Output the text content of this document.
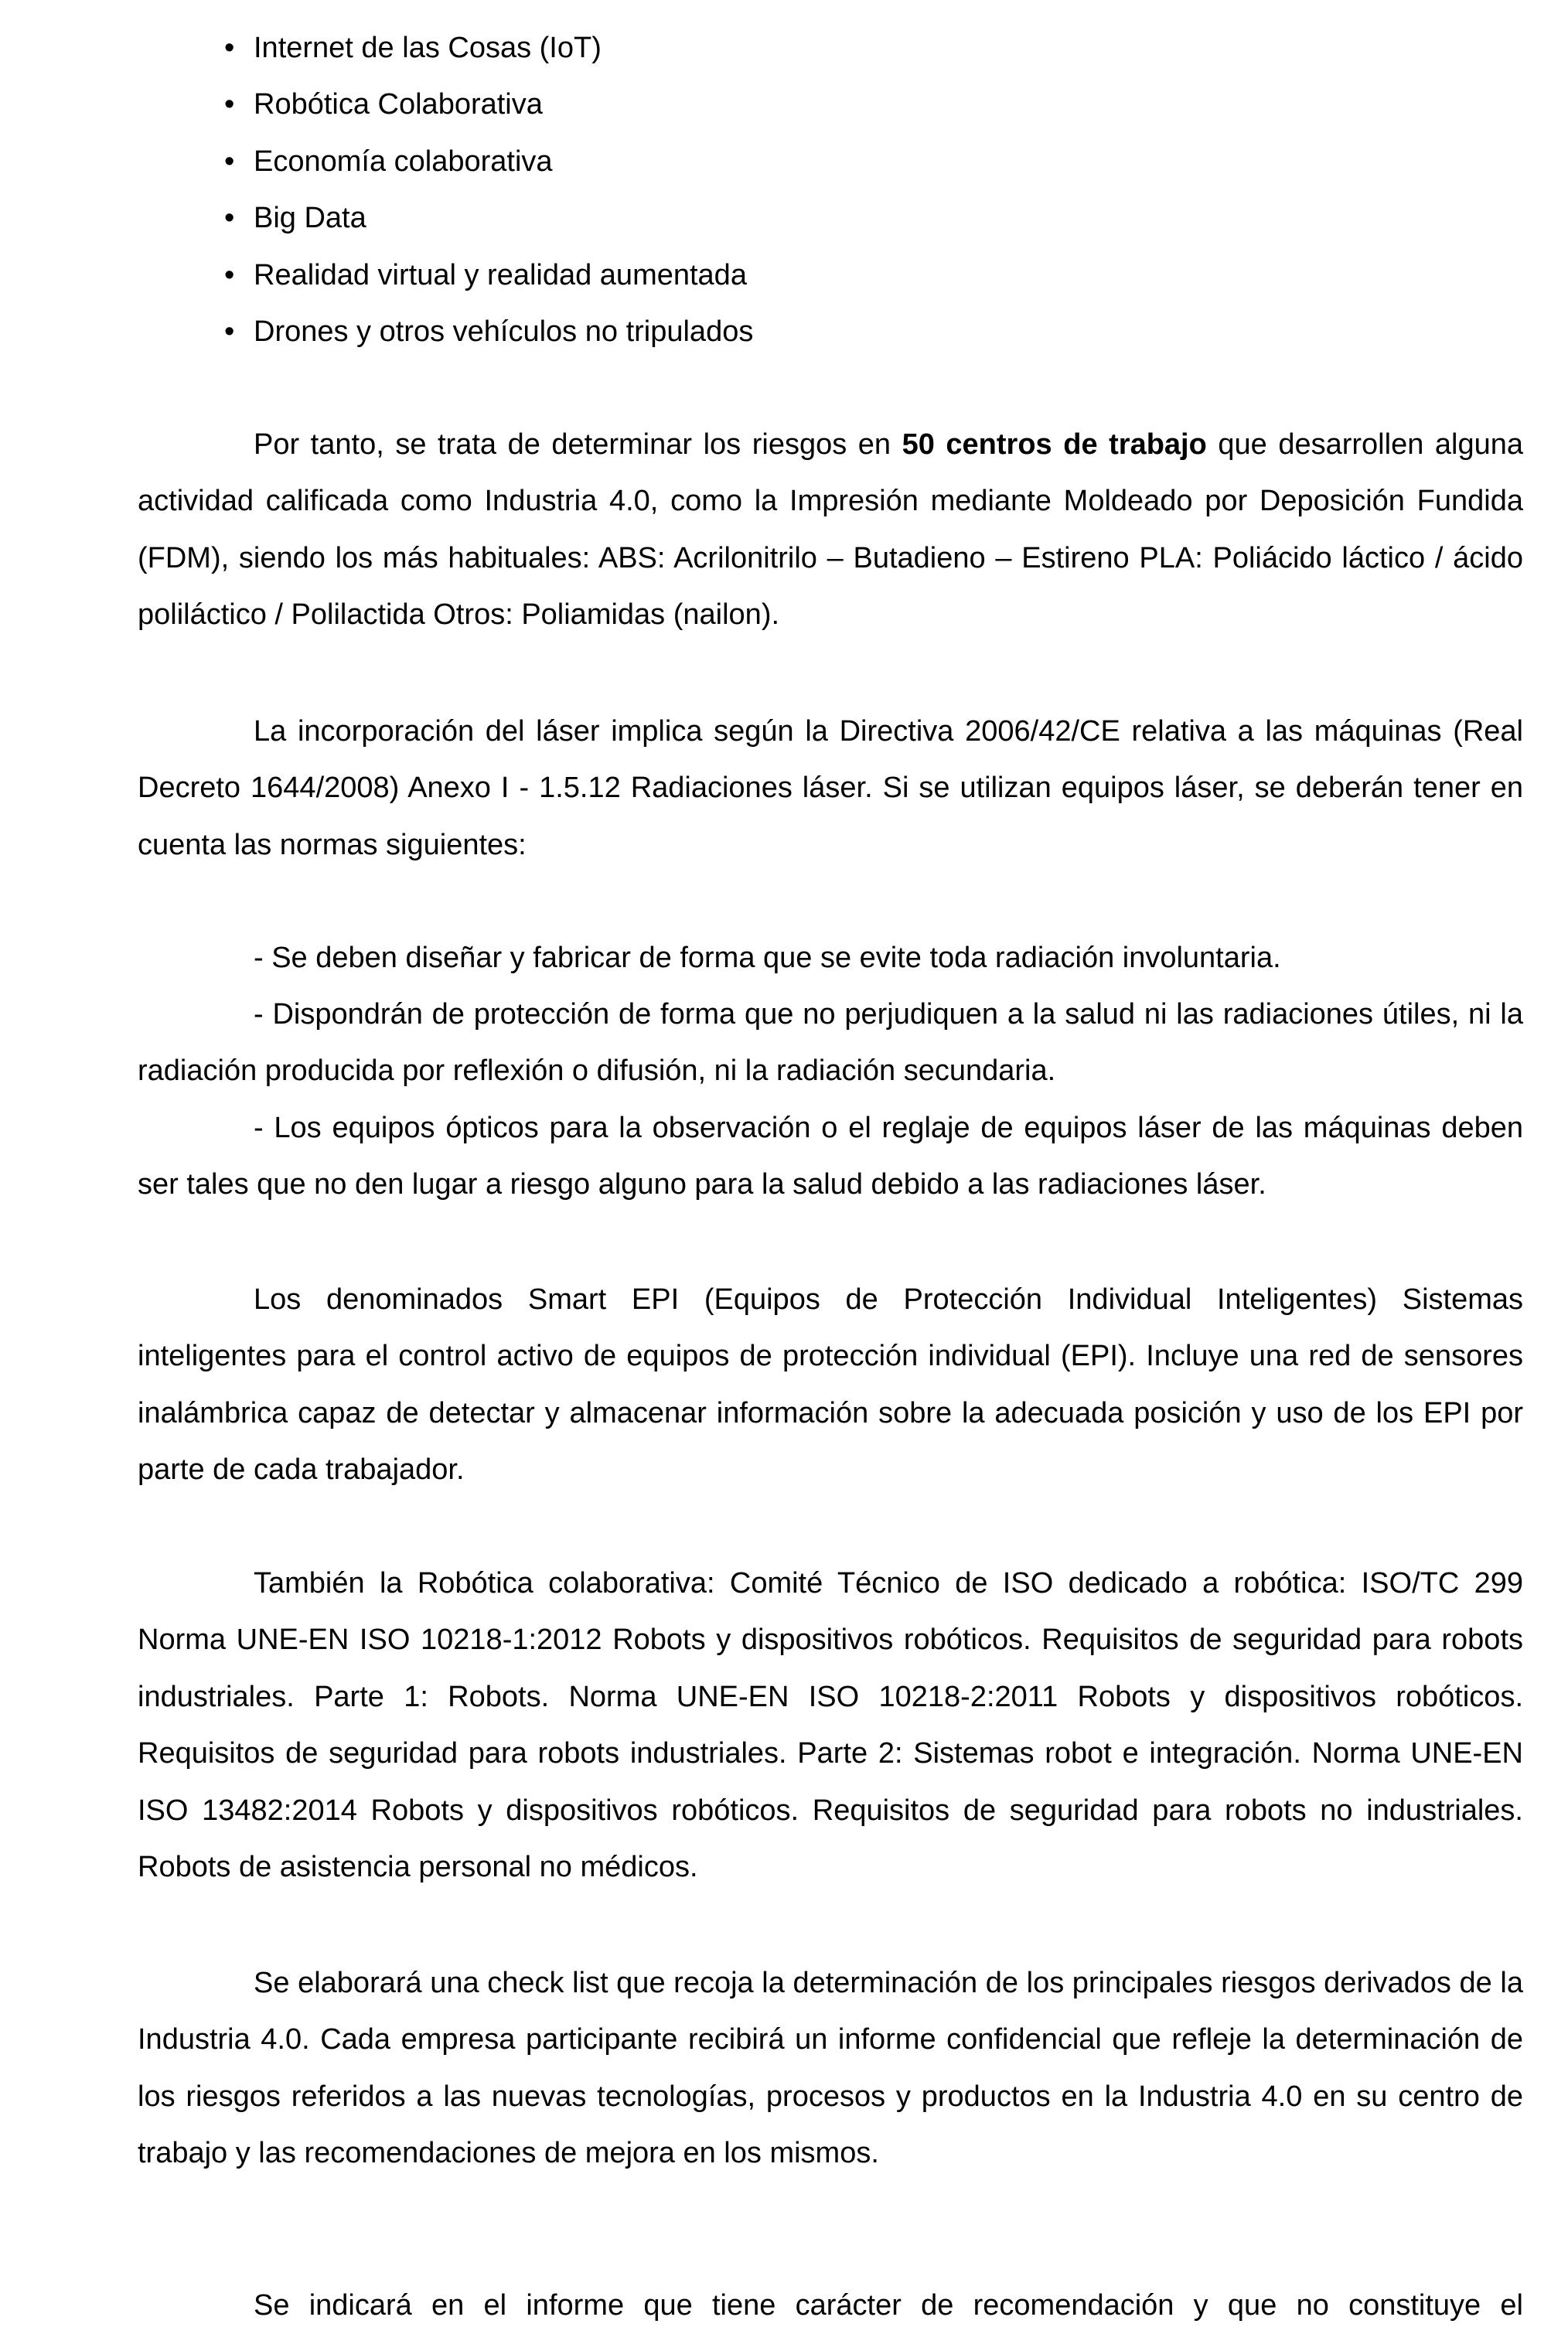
• Internet de las Cosas (IoT)
• Robótica Colaborativa
• Economía colaborativa
• Big Data
• Realidad virtual y realidad aumentada
• Drones y otros vehículos no tripulados

Por tanto, se trata de determinar los riesgos en 50 centros de trabajo que desarrollen alguna actividad calificada como Industria 4.0, como la Impresión mediante Moldeado por Deposición Fundida (FDM), siendo los más habituales: ABS: Acrilonitrilo – Butadieno – Estireno PLA: Poliácido láctico / ácido poliláctico / Polilactida Otros: Poliamidas (nailon).

La incorporación del láser implica según la Directiva 2006/42/CE relativa a las máquinas (Real Decreto 1644/2008) Anexo I - 1.5.12 Radiaciones láser. Si se utilizan equipos láser, se deberán tener en cuenta las normas siguientes:

- Se deben diseñar y fabricar de forma que se evite toda radiación involuntaria.

- Dispondrán de protección de forma que no perjudiquen a la salud ni las radiaciones útiles, ni la radiación producida por reflexión o difusión, ni la radiación secundaria.

- Los equipos ópticos para la observación o el reglaje de equipos láser de las máquinas deben ser tales que no den lugar a riesgo alguno para la salud debido a las radiaciones láser.

Los denominados Smart EPI (Equipos de Protección Individual Inteligentes) Sistemas inteligentes para el control activo de equipos de protección individual (EPI). Incluye una red de sensores inalámbrica capaz de detectar y almacenar información sobre la adecuada posición y uso de los EPI por parte de cada trabajador.

También la Robótica colaborativa: Comité Técnico de ISO dedicado a robótica: ISO/TC 299 Norma UNE-EN ISO 10218-1:2012 Robots y dispositivos robóticos. Requisitos de seguridad para robots industriales. Parte 1: Robots. Norma UNE-EN ISO 10218-2:2011 Robots y dispositivos robóticos. Requisitos de seguridad para robots industriales. Parte 2: Sistemas robot e integración. Norma UNE-EN ISO 13482:2014 Robots y dispositivos robóticos. Requisitos de seguridad para robots no industriales. Robots de asistencia personal no médicos.

Se elaborará una check list que recoja la determinación de los principales riesgos derivados de la Industria 4.0. Cada empresa participante recibirá un informe confidencial que refleje la determinación de los riesgos referidos a las nuevas tecnologías, procesos y productos en la Industria 4.0 en su centro de trabajo y las recomendaciones de mejora en los mismos.

Se indicará en el informe que tiene carácter de recomendación y que no constituye el
